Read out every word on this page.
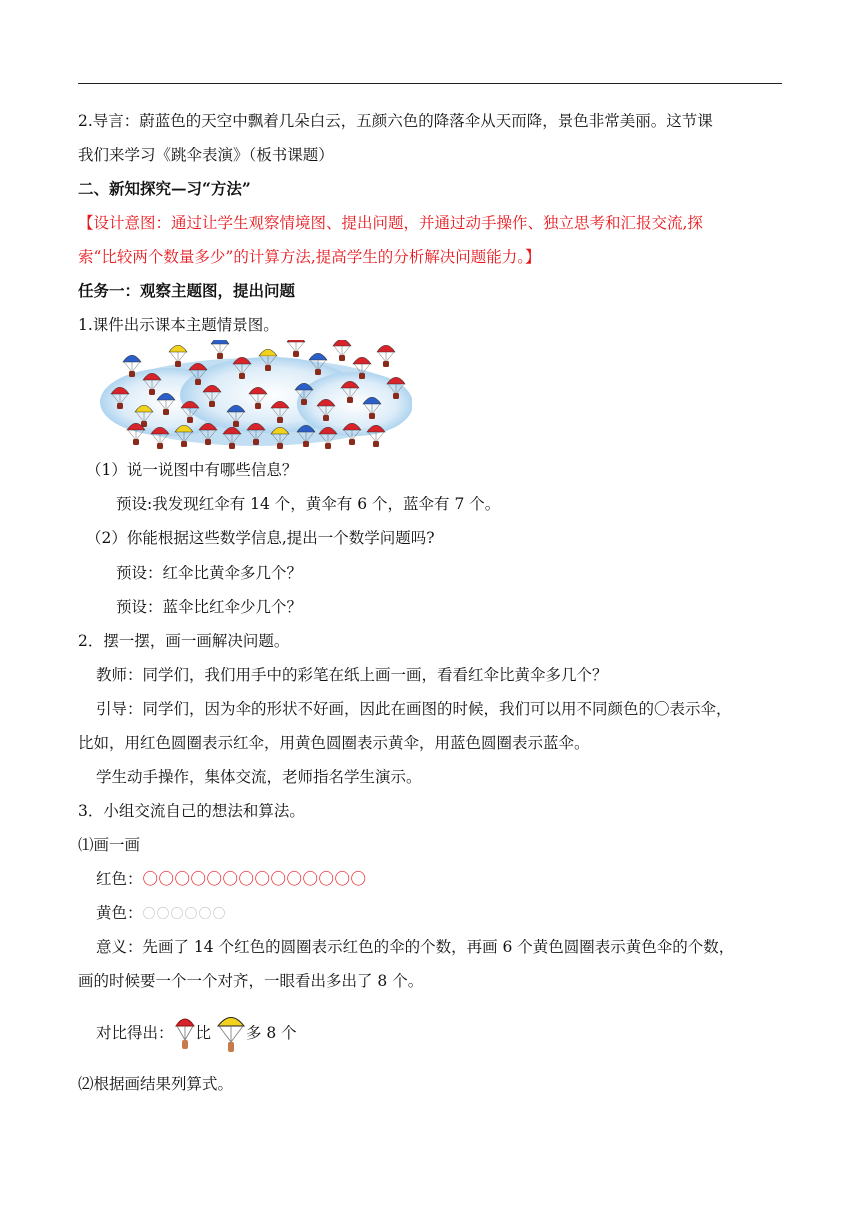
2.导言：蔚蓝色的天空中飘着几朵白云，五颜六色的降落伞从天而降，景色非常美丽。这节课
我们来学习《跳伞表演》（板书课题）
二、新知探究—习“方法”
【设计意图：通过让学生观察情境图、提出问题，并通过动手操作、独立思考和汇报交流,探
索“比较两个数量多少”的计算方法,提高学生的分析解决问题能力。】
任务一：观察主题图，提出问题
1.课件出示课本主题情景图。
（1）说一说图中有哪些信息？
预设:我发现红伞有 14 个，黄伞有 6 个，蓝伞有 7 个。
（2）你能根据这些数学信息,提出一个数学问题吗?
预设：红伞比黄伞多几个？
预设：蓝伞比红伞少几个？
2．摆一摆，画一画解决问题。
教师：同学们，我们用手中的彩笔在纸上画一画，看看红伞比黄伞多几个？
引导：同学们，因为伞的形状不好画，因此在画图的时候，我们可以用不同颜色的〇表示伞，
比如，用红色圆圈表示红伞，用黄色圆圈表示黄伞，用蓝色圆圈表示蓝伞。
学生动手操作，集体交流，老师指名学生演示。
3．小组交流自己的想法和算法。
⑴画一画
红色：〇〇〇〇〇〇〇〇〇〇〇〇〇〇
黄色：〇〇〇〇〇〇
意义：先画了 14 个红色的圆圈表示红色的伞的个数，再画 6 个黄色圆圈表示黄色伞的个数，
画的时候要一个一个对齐，一眼看出多出了 8 个。
对比得出： 比 多 8 个
⑵根据画结果列算式。
